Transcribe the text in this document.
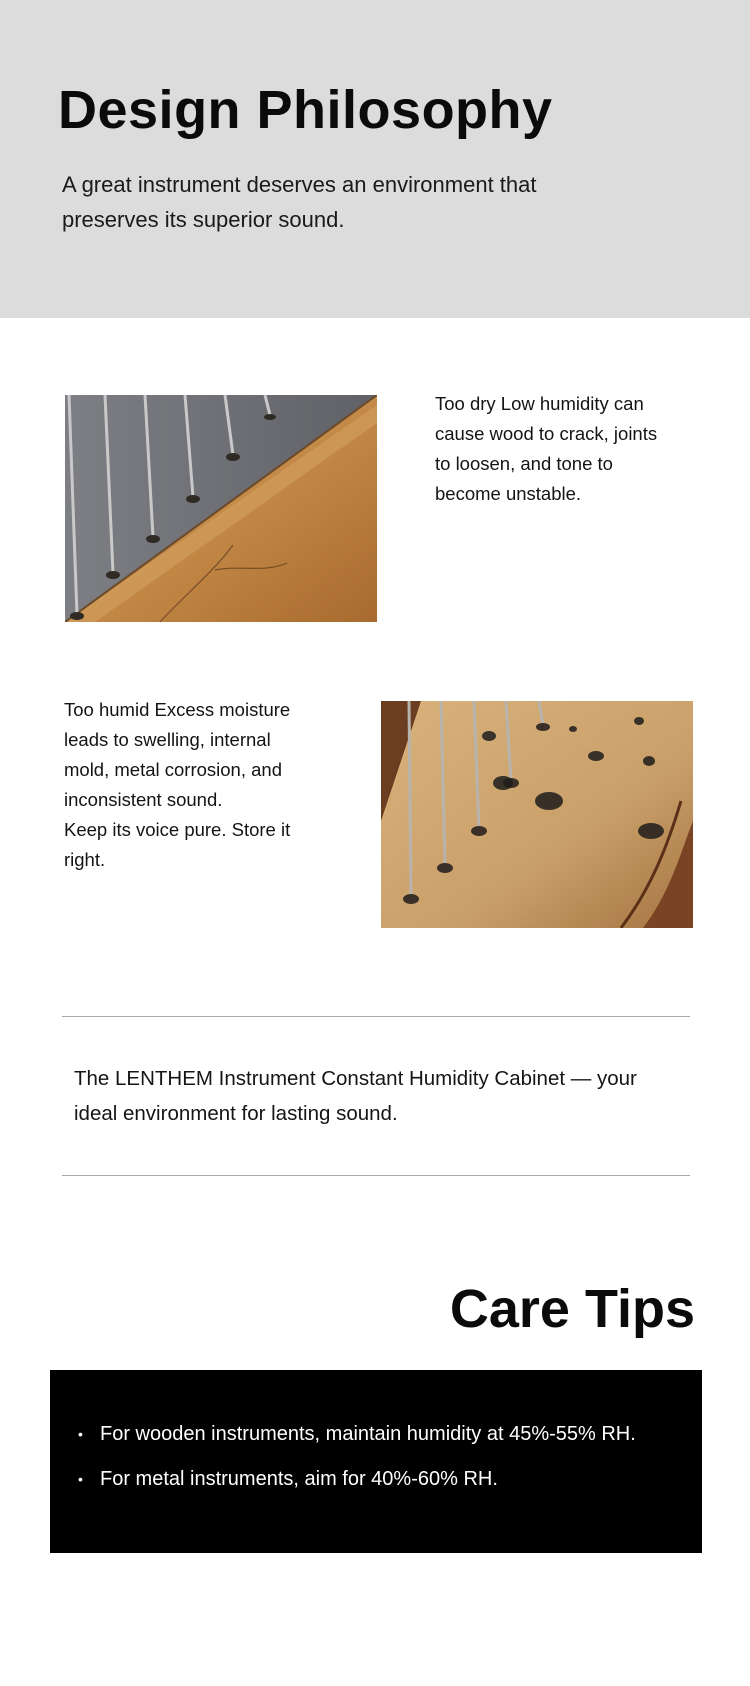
Design Philosophy

A great instrument deserves an environment that preserves its superior sound.

Too dry Low humidity can cause wood to crack, joints to loosen, and tone to become unstable.

Too humid Excess moisture leads to swelling, internal mold, metal corrosion, and inconsistent sound.
Keep its voice pure. Store it right.

The LENTHEM Instrument Constant Humidity Cabinet — your ideal environment for lasting sound.

Care Tips
• For wooden instruments, maintain humidity at 45%-55% RH.
• For metal instruments, aim for 40%-60% RH.
